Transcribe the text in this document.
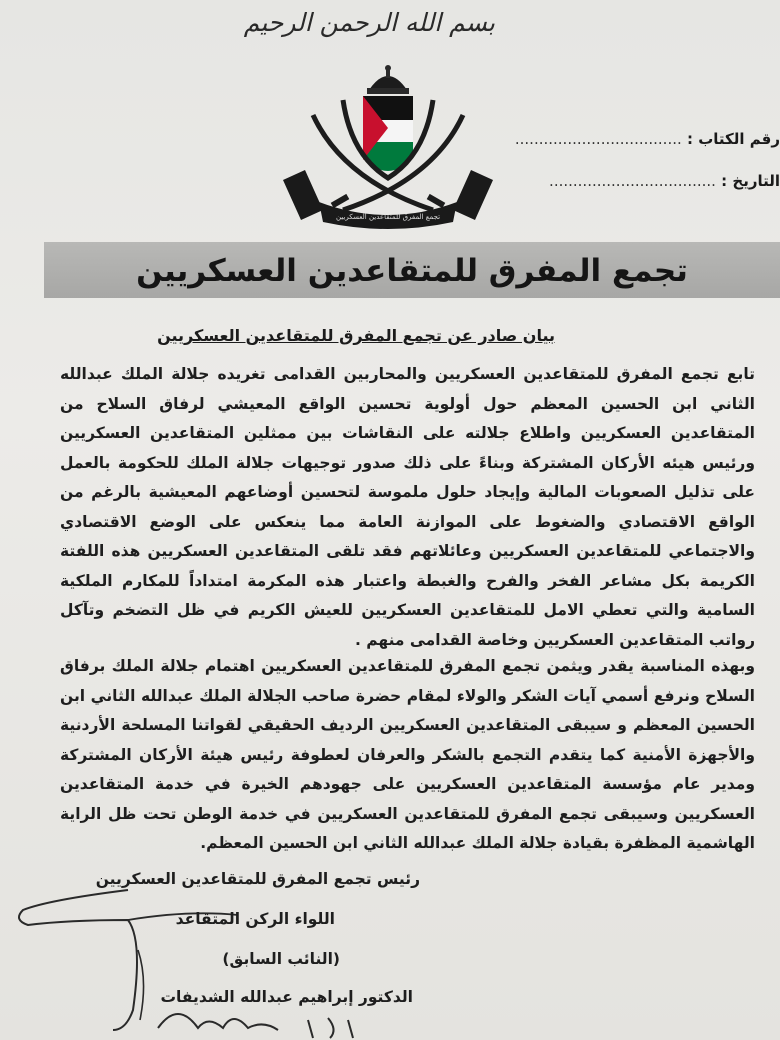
بسم الله الرحمن الرحيم
تجمع المفرق للمتقاعدين العسكريين
رقم الكتاب : ...................................
التاريخ : ...................................
تجمع المفرق للمتقاعدين العسكريين
بيان صادر عن تجمع المفرق للمتقاعدين العسكريين
تابع تجمع المفرق للمتقاعدين العسكريين والمحاربين القدامى تغريده جلالة الملك عبدالله الثاني ابن الحسين المعظم حول أولوية تحسين الواقع المعيشي لرفاق السلاح من المتقاعدين العسكريين واطلاع جلالته على النقاشات بين ممثلين المتقاعدين العسكريين ورئيس هيئه الأركان المشتركة وبناءً على ذلك صدور توجيهات جلالة الملك للحكومة بالعمل على تذليل الصعوبات المالية وإيجاد حلول ملموسة لتحسين أوضاعهم المعيشية بالرغم من الواقع الاقتصادي والضغوط على الموازنة العامة مما ينعكس على الوضع الاقتصادي والاجتماعي للمتقاعدين العسكريين وعائلاتهم فقد تلقى المتقاعدين العسكريين هذه اللفتة الكريمة بكل مشاعر الفخر والفرح والغبطة واعتبار هذه المكرمة امتداداً للمكارم الملكية السامية والتي تعطي الامل للمتقاعدين العسكريين للعيش الكريم في ظل التضخم وتآكل رواتب المتقاعدين العسكريين وخاصة القدامى منهم .
وبهذه المناسبة يقدر ويثمن تجمع المفرق للمتقاعدين العسكريين اهتمام جلالة الملك برفاق السلاح ونرفع أسمي آيات الشكر والولاء لمقام حضرة صاحب الجلالة الملك عبدالله الثاني ابن الحسين المعظم و سيبقى المتقاعدين العسكريين الرديف الحقيقي لقواتنا المسلحة الأردنية والأجهزة الأمنية كما يتقدم التجمع بالشكر والعرفان لعطوفة رئيس هيئة الأركان المشتركة ومدير عام مؤسسة المتقاعدين العسكريين على جهودهم الخيرة في خدمة المتقاعدين العسكريين وسيبقى تجمع المفرق للمتقاعدين العسكريين في خدمة الوطن تحت ظل الراية الهاشمية المظفرة بقيادة جلالة الملك عبدالله الثاني ابن الحسين المعظم.
رئيس تجمع المفرق للمتقاعدين العسكريين
اللواء الركن المتقاعد
(النائب السابق)
الدكتور إبراهيم عبدالله الشديفات
